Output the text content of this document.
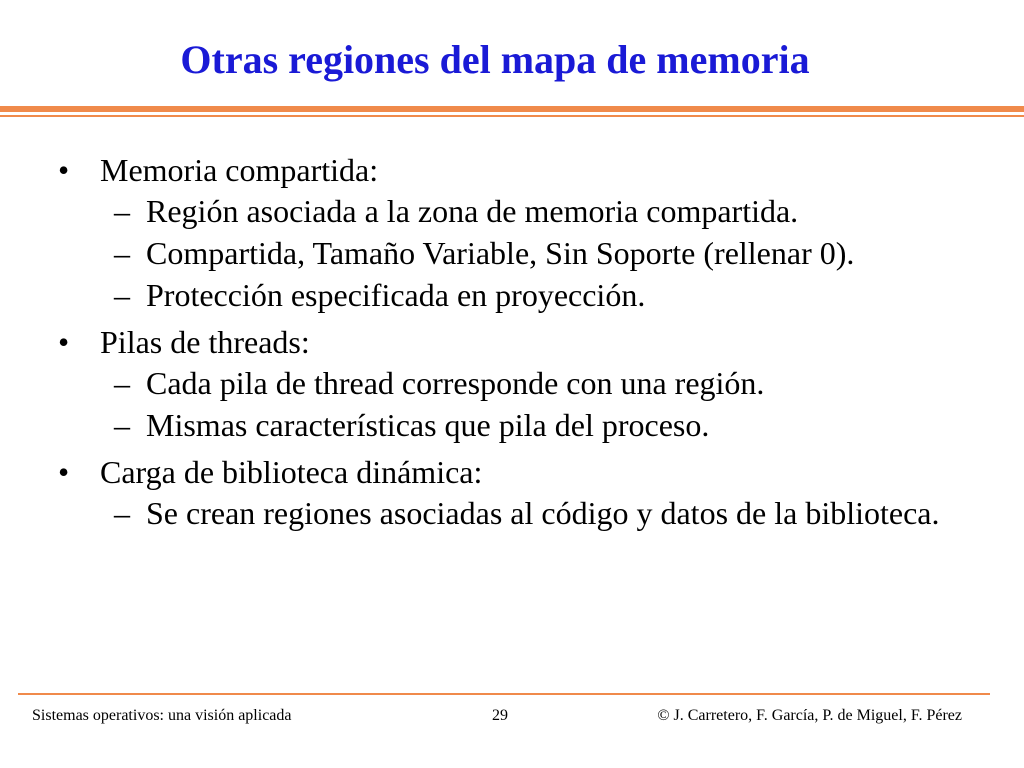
Otras regiones del mapa de memoria
• Memoria compartida:
– Región asociada a la zona de memoria compartida.
– Compartida, Tamaño Variable, Sin Soporte (rellenar 0).
– Protección especificada en proyección.
• Pilas de threads:
– Cada pila de thread corresponde con una región.
– Mismas características que pila del proceso.
• Carga de biblioteca dinámica:
– Se crean regiones asociadas al código y datos de la biblioteca.
Sistemas operativos: una visión aplicada	29	© J. Carretero, F. García, P. de Miguel, F. Pérez
